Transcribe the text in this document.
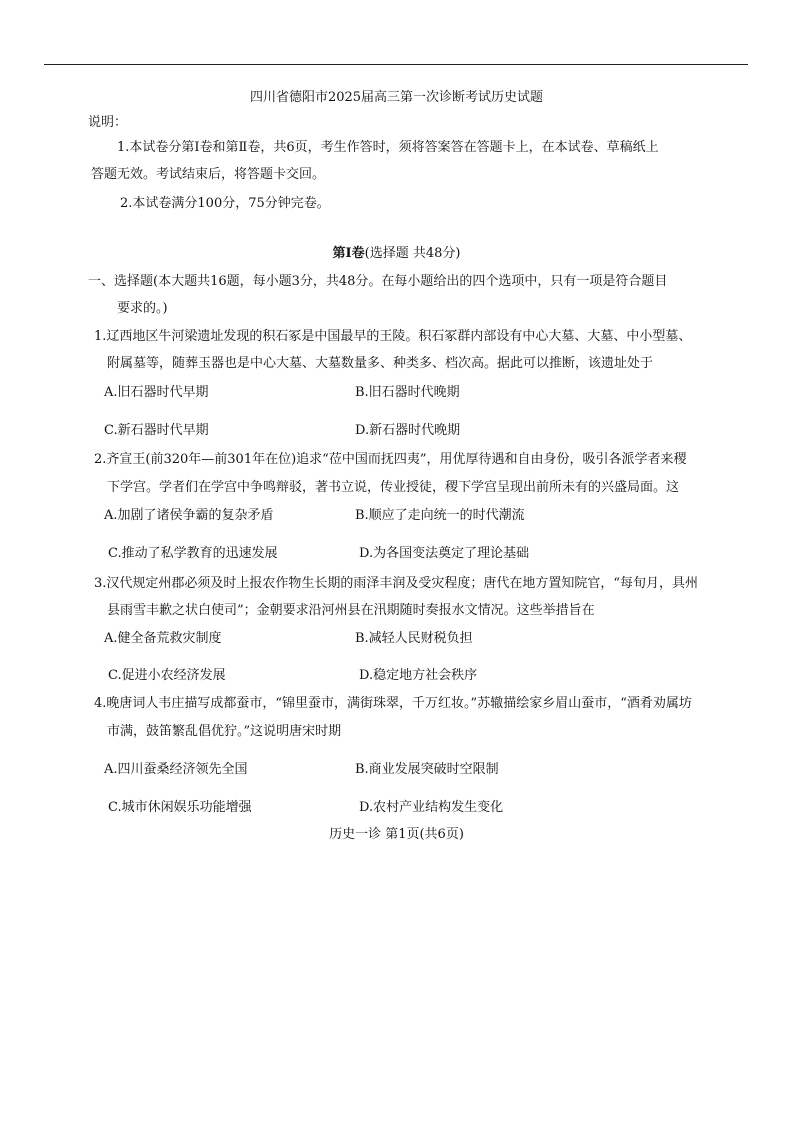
四川省德阳市2025届高三第一次诊断考试历史试题
说明：
1.本试卷分第Ⅰ卷和第Ⅱ卷，共6页，考生作答时，须将答案答在答题卡上，在本试卷、草稿纸上
答题无效。考试结束后，将答题卡交回。
2.本试卷满分100分，75分钟完卷。
第Ⅰ卷(选择题 共48分)
一、选择题(本大题共16题，每小题3分，共48分。在每小题给出的四个选项中，只有一项是符合题目
要求的。)
1.辽西地区牛河梁遗址发现的积石冢是中国最早的王陵。积石冢群内部设有中心大墓、大墓、中小型墓、
附属墓等，随葬玉器也是中心大墓、大墓数量多、种类多、档次高。据此可以推断，该遗址处于
A.旧石器时代早期	B.旧石器时代晚期
C.新石器时代早期	D.新石器时代晚期
2.齐宣王(前320年—前301年在位)追求“莅中国而抚四夷”，用优厚待遇和自由身份，吸引各派学者来稷
下学宫。学者们在学宫中争鸣辩驳，著书立说，传业授徒，稷下学宫呈现出前所未有的兴盛局面。这
A.加剧了诸侯争霸的复杂矛盾	B.顺应了走向统一的时代潮流
C.推动了私学教育的迅速发展	D.为各国变法奠定了理论基础
3.汉代规定州郡必须及时上报农作物生长期的雨泽丰润及受灾程度；唐代在地方置知院官，“每旬月，具州
县雨雪丰歉之状白使司”；金朝要求沿河州县在汛期随时奏报水文情况。这些举措旨在
A.健全备荒救灾制度	B.减轻人民财税负担
C.促进小农经济发展	D.稳定地方社会秩序
4.晚唐词人韦庄描写成都蚕市，“锦里蚕市，满街珠翠，千万红妆。”苏辙描绘家乡眉山蚕市，“酒肴劝属坊
市满，鼓笛繁乱倡优狞。”这说明唐宋时期
A.四川蚕桑经济领先全国	B.商业发展突破时空限制
C.城市休闲娱乐功能增强	D.农村产业结构发生变化
历史一诊 第1页(共6页)
